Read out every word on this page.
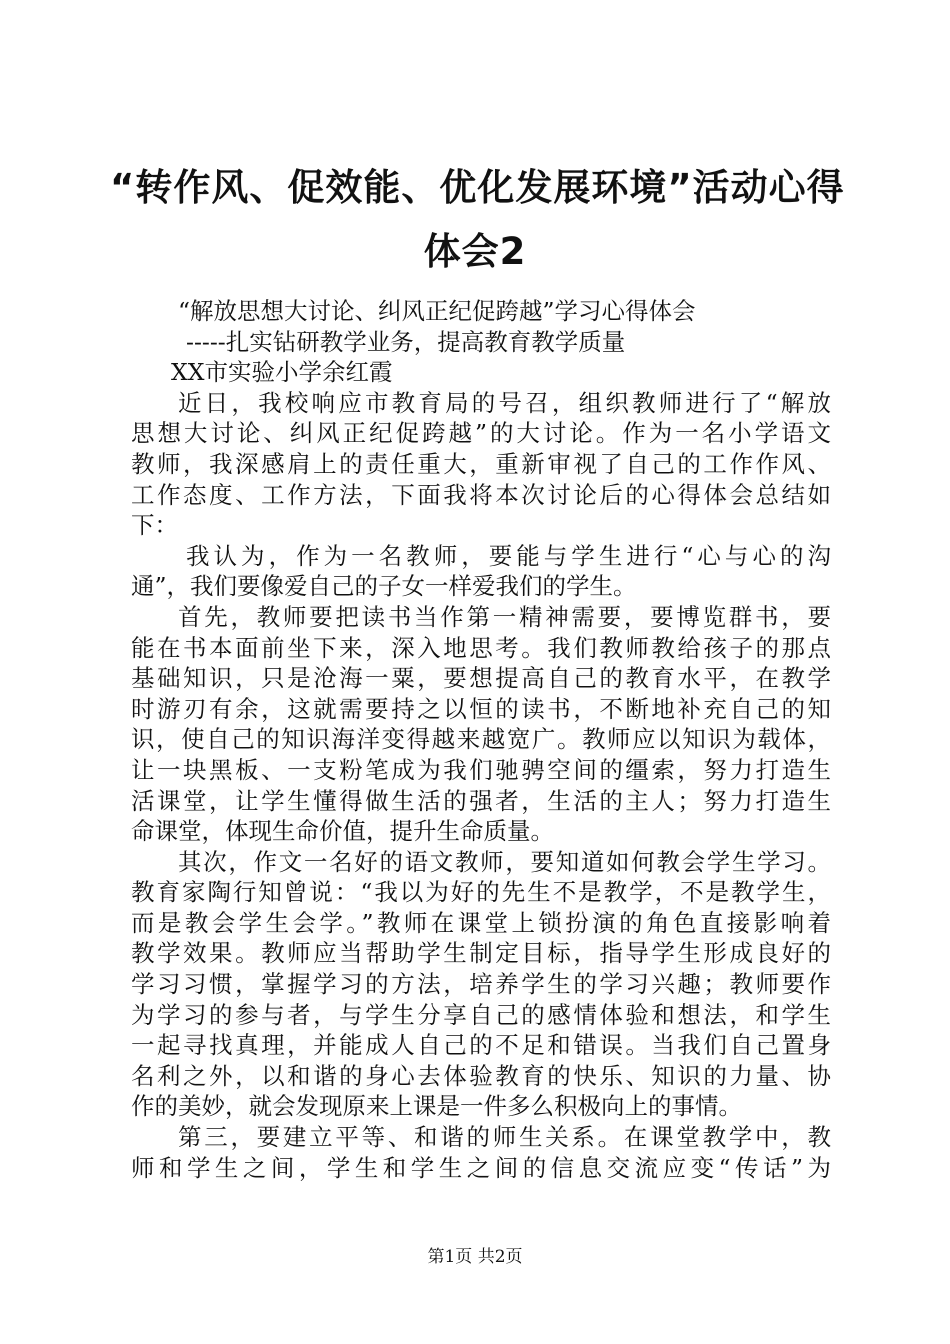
“转作风、促效能、优化发展环境”活动心得
体会2
“解放思想大讨论、纠风正纪促跨越”学习心得体会
-----扎实钻研教学业务，提高教育教学质量
XX市实验小学余红霞
近日，我校响应市教育局的号召，组织教师进行了“解放
思想大讨论、纠风正纪促跨越”的大讨论。作为一名小学语文
教师，我深感肩上的责任重大，重新审视了自己的工作作风、
工作态度、工作方法，下面我将本次讨论后的心得体会总结如
下：
我认为，作为一名教师，要能与学生进行“心与心的沟
通”，我们要像爱自己的子女一样爱我们的学生。
首先，教师要把读书当作第一精神需要，要博览群书，要
能在书本面前坐下来，深入地思考。我们教师教给孩子的那点
基础知识，只是沧海一粟，要想提高自己的教育水平，在教学
时游刃有余，这就需要持之以恒的读书，不断地补充自己的知
识，使自己的知识海洋变得越来越宽广。教师应以知识为载体，
让一块黑板、一支粉笔成为我们驰骋空间的缰索，努力打造生
活课堂，让学生懂得做生活的强者，生活的主人；努力打造生
命课堂，体现生命价值，提升生命质量。
其次，作文一名好的语文教师，要知道如何教会学生学习。
教育家陶行知曾说：“我以为好的先生不是教学，不是教学生，
而是教会学生会学。”教师在课堂上锁扮演的角色直接影响着
教学效果。教师应当帮助学生制定目标，指导学生形成良好的
学习习惯，掌握学习的方法，培养学生的学习兴趣；教师要作
为学习的参与者，与学生分享自己的感情体验和想法，和学生
一起寻找真理，并能成人自己的不足和错误。当我们自己置身
名利之外，以和谐的身心去体验教育的快乐、知识的力量、协
作的美妙，就会发现原来上课是一件多么积极向上的事情。
第三，要建立平等、和谐的师生关系。在课堂教学中，教
师和学生之间，学生和学生之间的信息交流应变“传话”为
第1页 共2页
